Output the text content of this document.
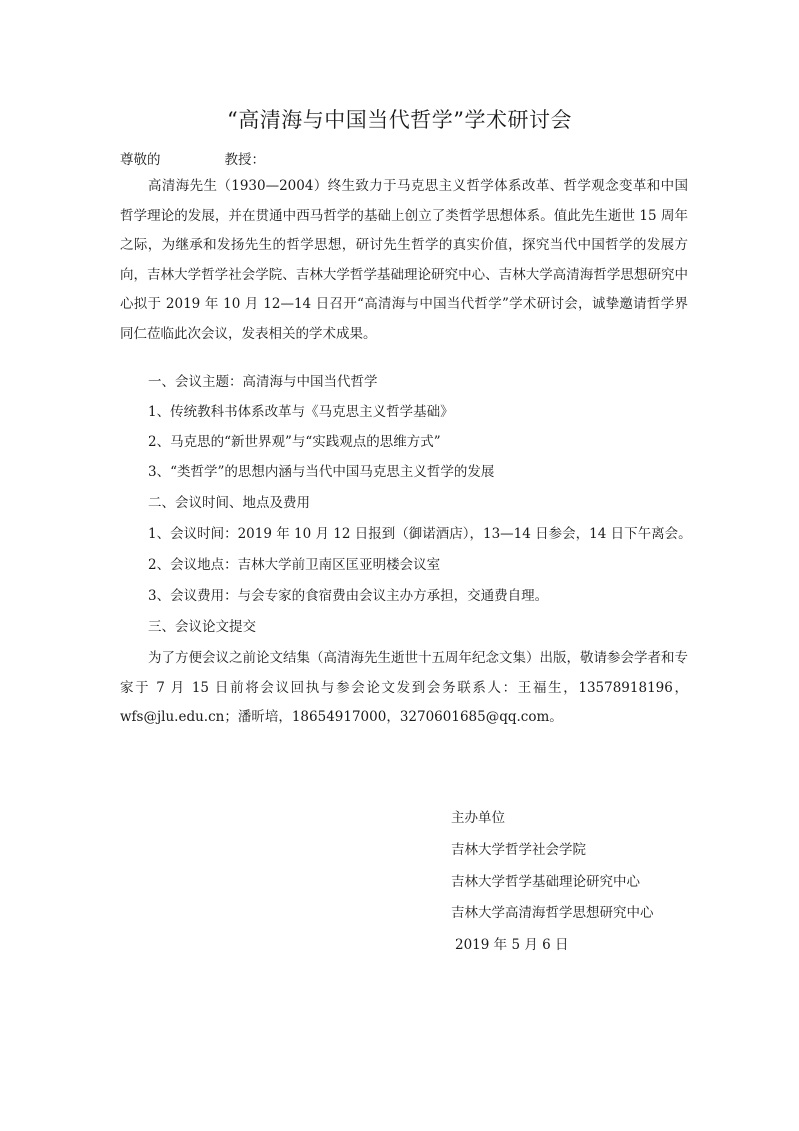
“高清海与中国当代哲学”学术研讨会
尊敬的	教授：
高清海先生（1930—2004）终生致力于马克思主义哲学体系改革、哲学观念变革和中国哲学理论的发展，并在贯通中西马哲学的基础上创立了类哲学思想体系。值此先生逝世 15 周年之际，为继承和发扬先生的哲学思想，研讨先生哲学的真实价值，探究当代中国哲学的发展方向，吉林大学哲学社会学院、吉林大学哲学基础理论研究中心、吉林大学高清海哲学思想研究中心拟于 2019 年 10 月 12—14 日召开“高清海与中国当代哲学”学术研讨会，诚挚邀请哲学界同仁莅临此次会议，发表相关的学术成果。
一、会议主题：高清海与中国当代哲学
1、传统教科书体系改革与《马克思主义哲学基础》
2、马克思的“新世界观”与“实践观点的思维方式”
3、“类哲学”的思想内涵与当代中国马克思主义哲学的发展
二、会议时间、地点及费用
1、会议时间：2019 年 10 月 12 日报到（御诺酒店），13—14 日参会，14 日下午离会。
2、会议地点：吉林大学前卫南区匡亚明楼会议室
3、会议费用：与会专家的食宿费由会议主办方承担，交通费自理。
三、会议论文提交
为了方便会议之前论文结集（高清海先生逝世十五周年纪念文集）出版，敬请参会学者和专家于 7 月 15 日前将会议回执与参会论文发到会务联系人：王福生，13578918196，wfs@jlu.edu.cn；潘昕培，18654917000，3270601685@qq.com。
主办单位
吉林大学哲学社会学院
吉林大学哲学基础理论研究中心
吉林大学高清海哲学思想研究中心
2019 年 5 月 6 日
